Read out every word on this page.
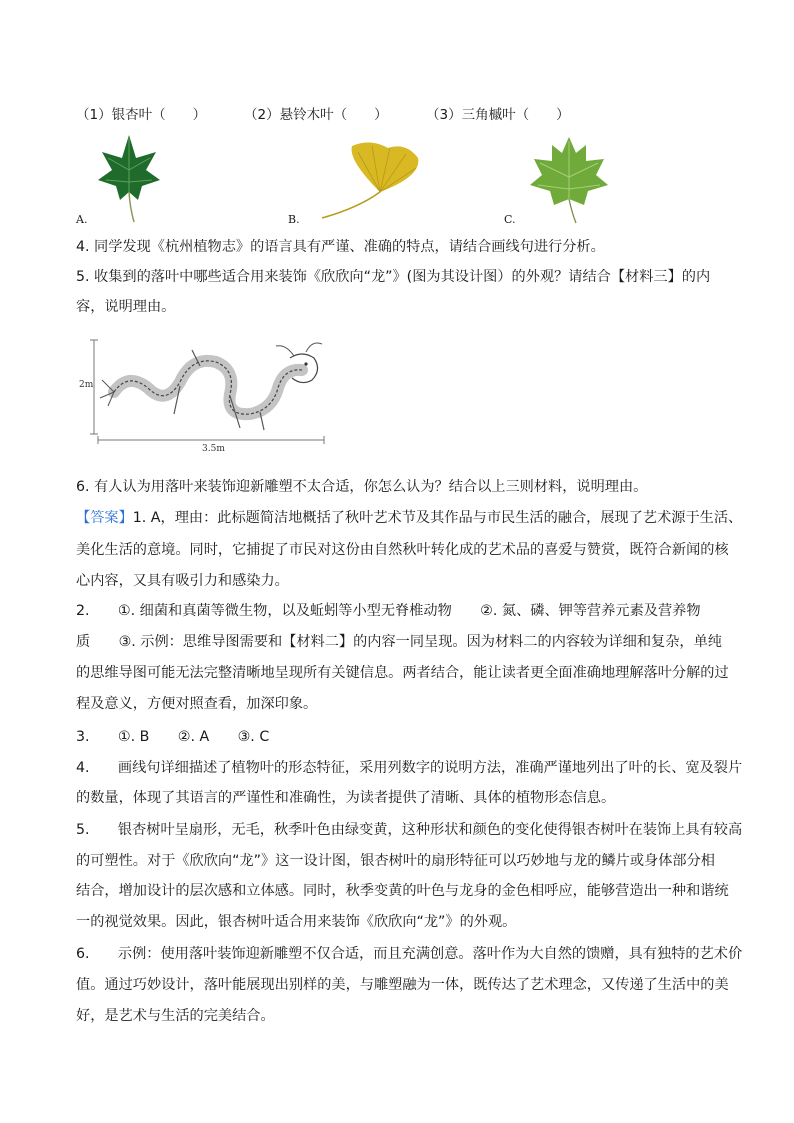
（1）银杏叶（　　）	（2）悬铃木叶（　　）	（3）三角槭叶（　　）
A.	B.	C.
4. 同学发现《杭州植物志》的语言具有严谨、准确的特点，请结合画线句进行分析。
5. 收集到的落叶中哪些适合用来装饰《欣欣向“龙”》(图为其设计图）的外观？请结合【材料三】的内
容，说明理由。
2m
3.5m
6. 有人认为用落叶来装饰迎新雕塑不太合适，你怎么认为？结合以上三则材料，说明理由。
【答案】1. A，理由：此标题简洁地概括了秋叶艺术节及其作品与市民生活的融合，展现了艺术源于生活、
美化生活的意境。同时，它捕捉了市民对这份由自然秋叶转化成的艺术品的喜爱与赞赏，既符合新闻的核
心内容，又具有吸引力和感染力。
2.　　①. 细菌和真菌等微生物，以及蚯蚓等小型无脊椎动物　　②. 氮、磷、钾等营养元素及营养物
质　　③. 示例：思维导图需要和【材料二】的内容一同呈现。因为材料二的内容较为详细和复杂，单纯
的思维导图可能无法完整清晰地呈现所有关键信息。两者结合，能让读者更全面准确地理解落叶分解的过
程及意义，方便对照查看，加深印象。
3.　　①. B　　②. A　　③. C
4.　　画线句详细描述了植物叶的形态特征，采用列数字的说明方法，准确严谨地列出了叶的长、宽及裂片
的数量，体现了其语言的严谨性和准确性，为读者提供了清晰、具体的植物形态信息。
5.　　银杏树叶呈扇形，无毛，秋季叶色由绿变黄，这种形状和颜色的变化使得银杏树叶在装饰上具有较高
的可塑性。对于《欣欣向“龙”》这一设计图，银杏树叶的扇形特征可以巧妙地与龙的鳞片或身体部分相
结合，增加设计的层次感和立体感。同时，秋季变黄的叶色与龙身的金色相呼应，能够营造出一种和谐统
一的视觉效果。因此，银杏树叶适合用来装饰《欣欣向“龙”》的外观。
6.　　示例：使用落叶装饰迎新雕塑不仅合适，而且充满创意。落叶作为大自然的馈赠，具有独特的艺术价
值。通过巧妙设计，落叶能展现出别样的美，与雕塑融为一体，既传达了艺术理念，又传递了生活中的美
好，是艺术与生活的完美结合。
